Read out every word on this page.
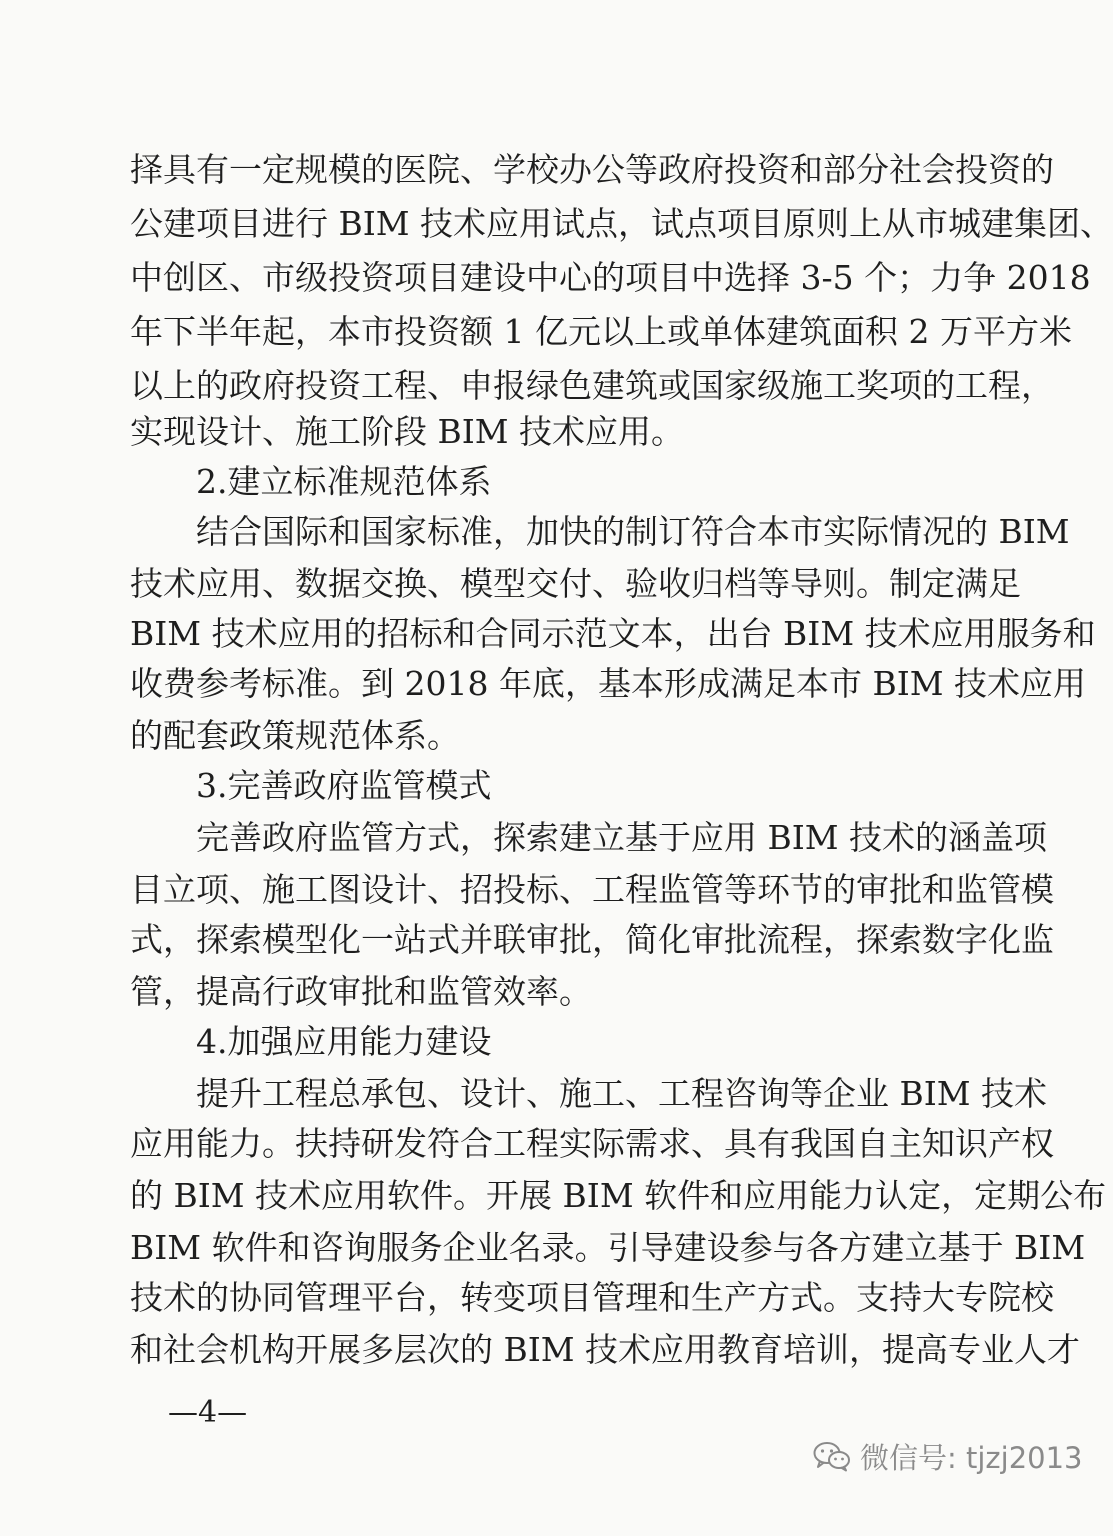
择具有一定规模的医院、学校办公等政府投资和部分社会投资的
公建项目进行 BIM 技术应用试点，试点项目原则上从市城建集团、
中创区、市级投资项目建设中心的项目中选择 3-5 个；力争 2018
年下半年起，本市投资额 1 亿元以上或单体建筑面积 2 万平方米
以上的政府投资工程、申报绿色建筑或国家级施工奖项的工程，
实现设计、施工阶段 BIM 技术应用。
2.建立标准规范体系
结合国际和国家标准，加快的制订符合本市实际情况的 BIM
技术应用、数据交换、模型交付、验收归档等导则。制定满足
BIM 技术应用的招标和合同示范文本，出台 BIM 技术应用服务和
收费参考标准。到 2018 年底，基本形成满足本市 BIM 技术应用
的配套政策规范体系。
3.完善政府监管模式
完善政府监管方式，探索建立基于应用 BIM 技术的涵盖项
目立项、施工图设计、招投标、工程监管等环节的审批和监管模
式，探索模型化一站式并联审批，简化审批流程，探索数字化监
管，提高行政审批和监管效率。
4.加强应用能力建设
提升工程总承包、设计、施工、工程咨询等企业 BIM 技术
应用能力。扶持研发符合工程实际需求、具有我国自主知识产权
的 BIM 技术应用软件。开展 BIM 软件和应用能力认定，定期公布
BIM 软件和咨询服务企业名录。引导建设参与各方建立基于 BIM
技术的协同管理平台，转变项目管理和生产方式。支持大专院校
和社会机构开展多层次的 BIM 技术应用教育培训，提高专业人才
—4—
微信号: tjzj2013
